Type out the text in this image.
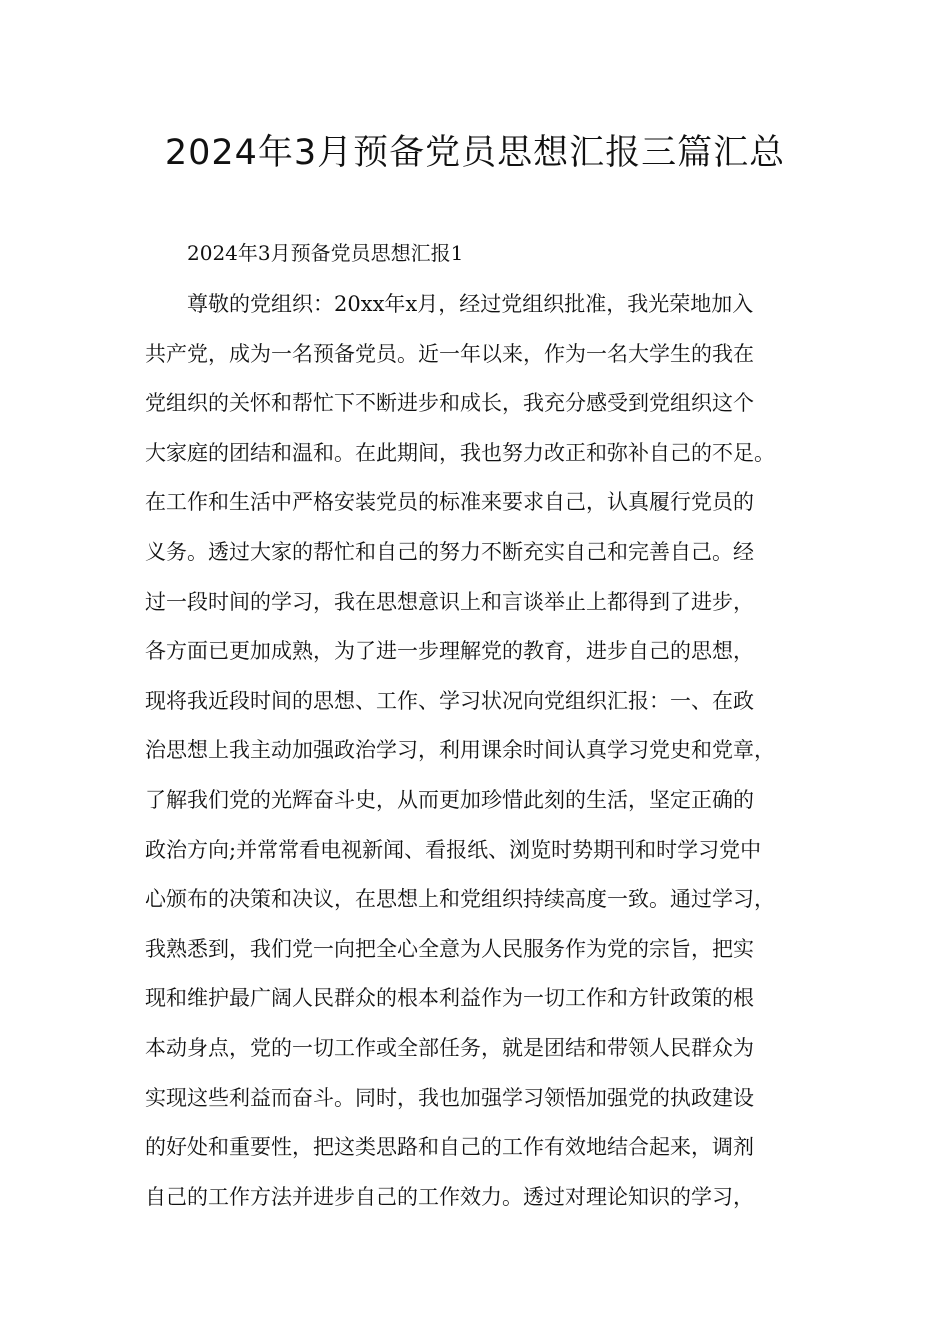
2024年3月预备党员思想汇报三篇汇总

2024年3月预备党员思想汇报1

尊敬的党组织：20xx年x月，经过党组织批准，我光荣地加入
共产党，成为一名预备党员。近一年以来，作为一名大学生的我在
党组织的关怀和帮忙下不断进步和成长，我充分感受到党组织这个
大家庭的团结和温和。在此期间，我也努力改正和弥补自己的不足。
在工作和生活中严格安装党员的标准来要求自己，认真履行党员的
义务。透过大家的帮忙和自己的努力不断充实自己和完善自己。经
过一段时间的学习，我在思想意识上和言谈举止上都得到了进步，
各方面已更加成熟，为了进一步理解党的教育，进步自己的思想，
现将我近段时间的思想、工作、学习状况向党组织汇报：一、在政
治思想上我主动加强政治学习，利用课余时间认真学习党史和党章，
了解我们党的光辉奋斗史，从而更加珍惜此刻的生活，坚定正确的
政治方向;并常常看电视新闻、看报纸、浏览时势期刊和时学习党中
心颁布的决策和决议，在思想上和党组织持续高度一致。通过学习，
我熟悉到，我们党一向把全心全意为人民服务作为党的宗旨，把实
现和维护最广阔人民群众的根本利益作为一切工作和方针政策的根
本动身点，党的一切工作或全部任务，就是团结和带领人民群众为
实现这些利益而奋斗。同时，我也加强学习领悟加强党的执政建设
的好处和重要性，把这类思路和自己的工作有效地结合起来，调剂
自己的工作方法并进步自己的工作效力。透过对理论知识的学习，
